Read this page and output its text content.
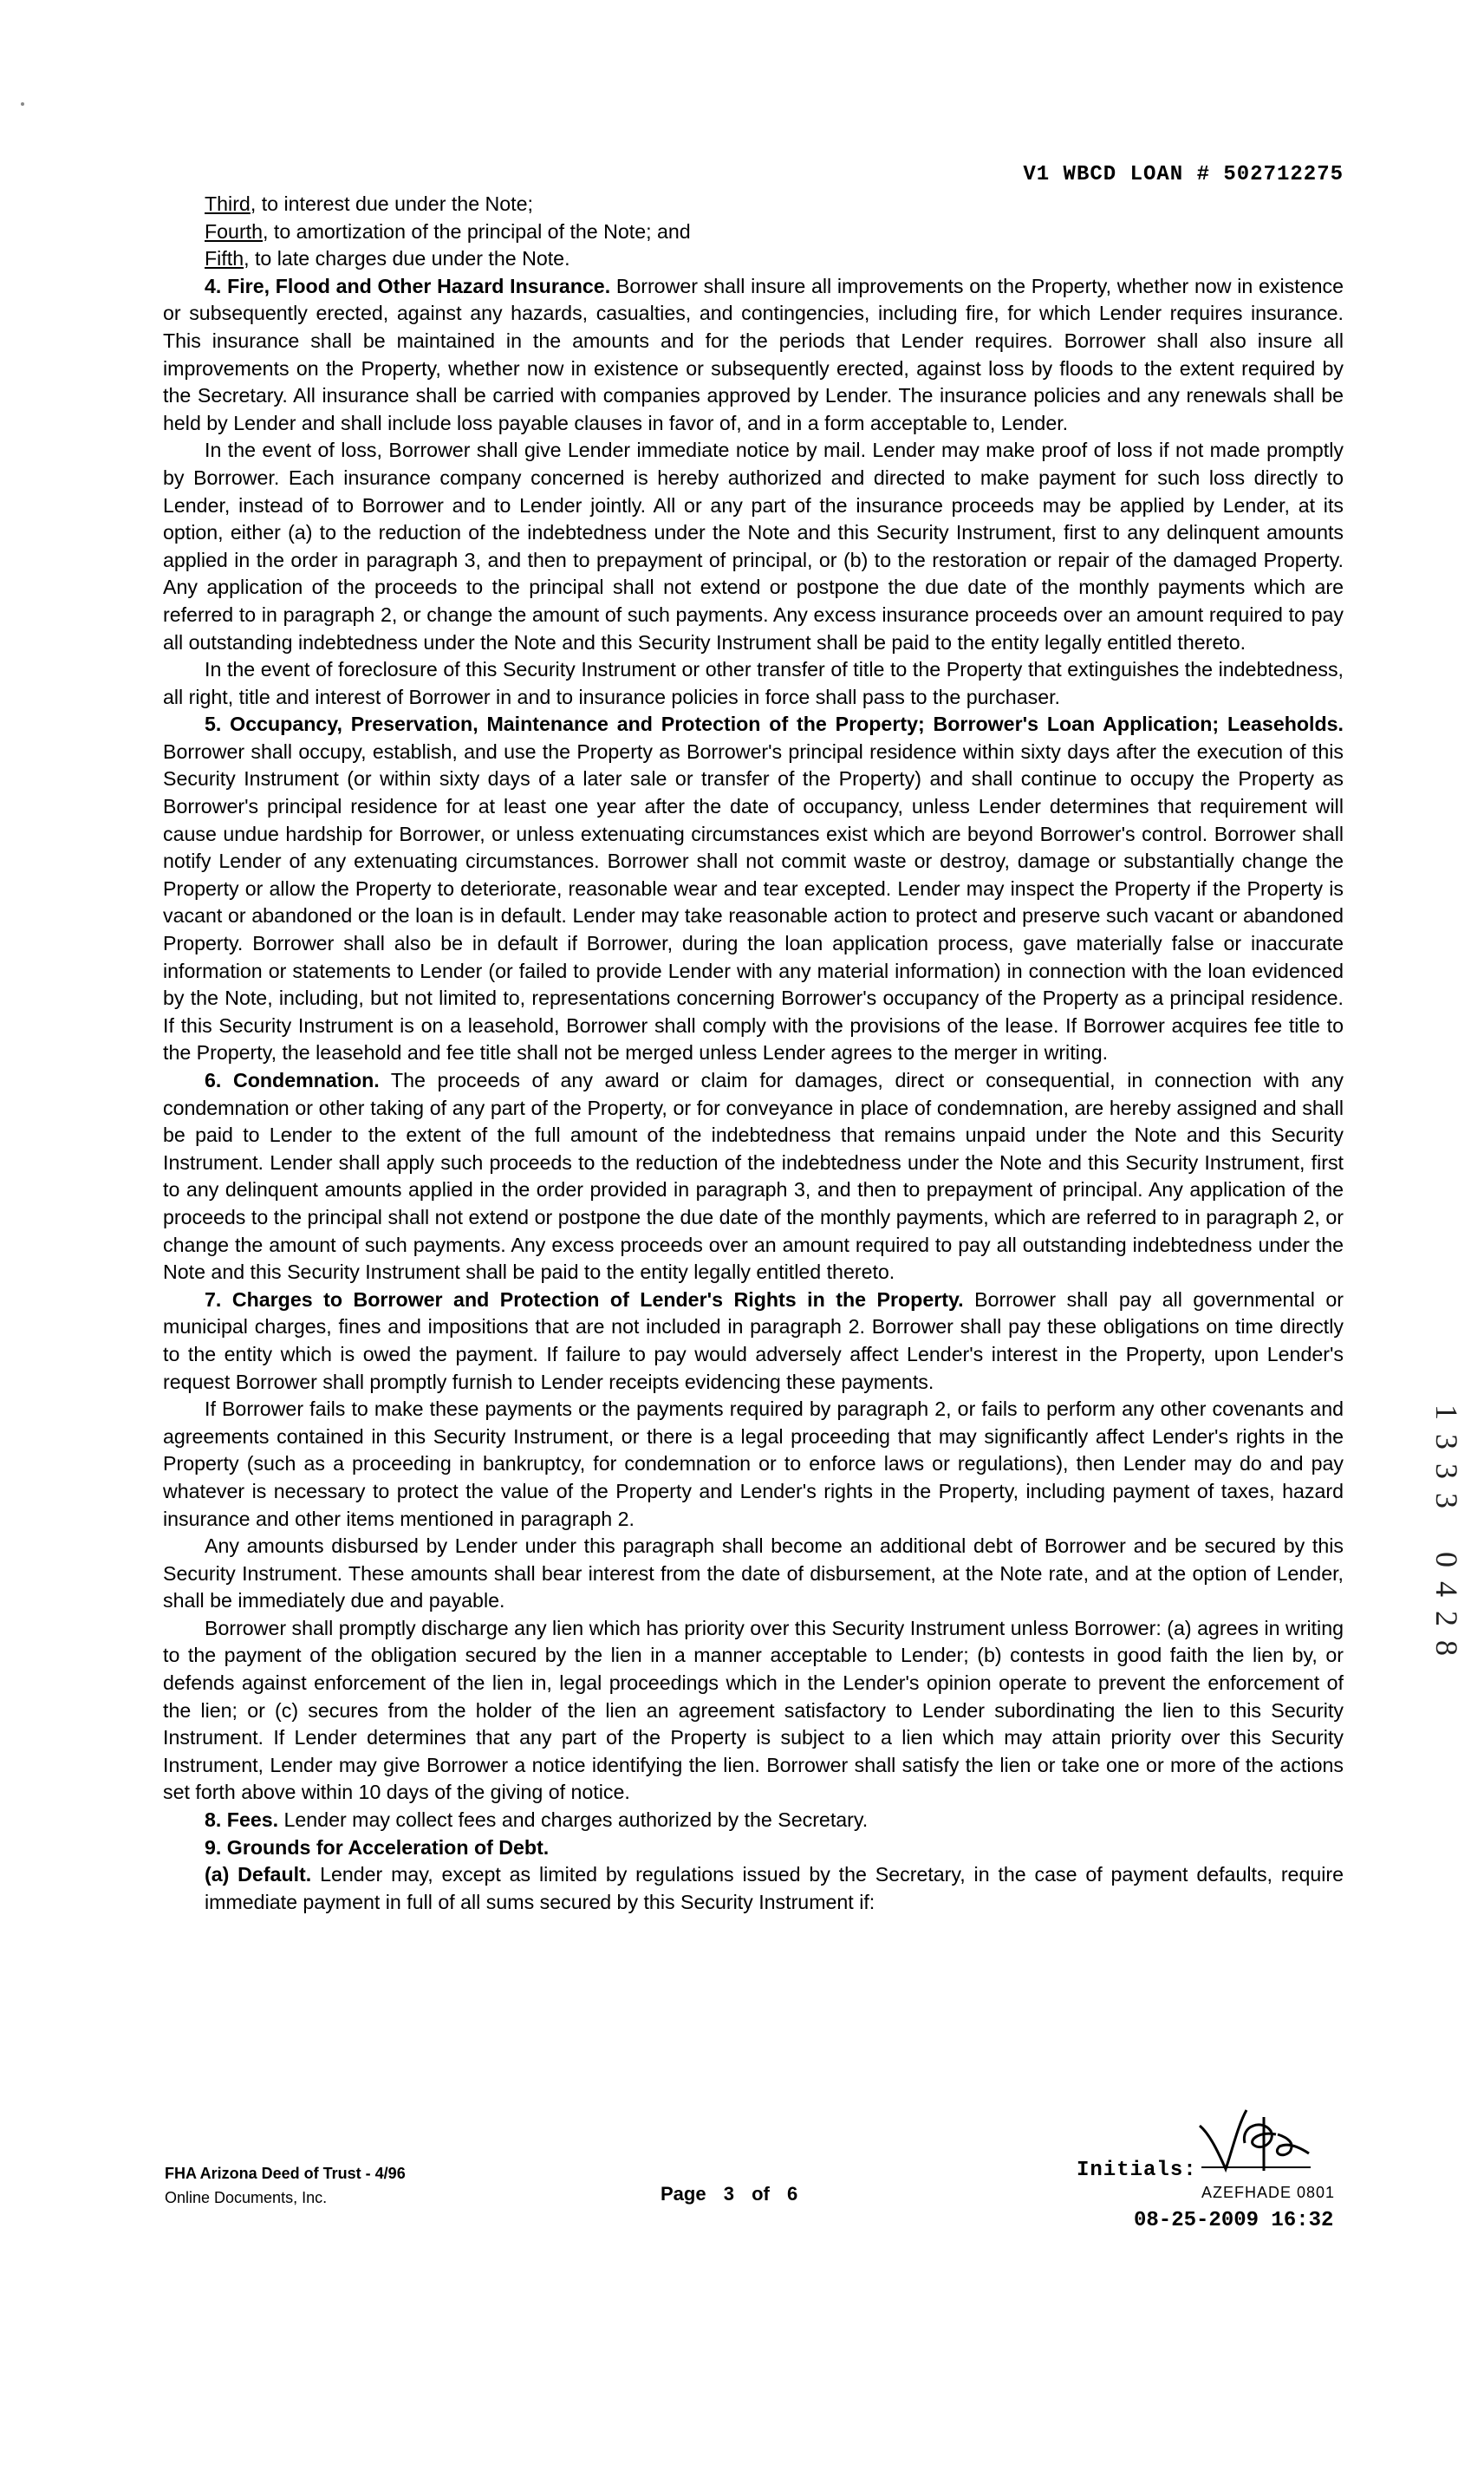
V1 WBCD LOAN # 502712275

Third, to interest due under the Note;

Fourth, to amortization of the principal of the Note; and

Fifth, to late charges due under the Note.

4. Fire, Flood and Other Hazard Insurance. Borrower shall insure all improvements on the Property, whether now in existence or subsequently erected, against any hazards, casualties, and contingencies, including fire, for which Lender requires insurance. This insurance shall be maintained in the amounts and for the periods that Lender requires. Borrower shall also insure all improvements on the Property, whether now in existence or subsequently erected, against loss by floods to the extent required by the Secretary. All insurance shall be carried with companies approved by Lender. The insurance policies and any renewals shall be held by Lender and shall include loss payable clauses in favor of, and in a form acceptable to, Lender.

In the event of loss, Borrower shall give Lender immediate notice by mail. Lender may make proof of loss if not made promptly by Borrower. Each insurance company concerned is hereby authorized and directed to make payment for such loss directly to Lender, instead of to Borrower and to Lender jointly. All or any part of the insurance proceeds may be applied by Lender, at its option, either (a) to the reduction of the indebtedness under the Note and this Security Instrument, first to any delinquent amounts applied in the order in paragraph 3, and then to prepayment of principal, or (b) to the restoration or repair of the damaged Property. Any application of the proceeds to the principal shall not extend or postpone the due date of the monthly payments which are referred to in paragraph 2, or change the amount of such payments. Any excess insurance proceeds over an amount required to pay all outstanding indebtedness under the Note and this Security Instrument shall be paid to the entity legally entitled thereto.

In the event of foreclosure of this Security Instrument or other transfer of title to the Property that extinguishes the indebtedness, all right, title and interest of Borrower in and to insurance policies in force shall pass to the purchaser.

5. Occupancy, Preservation, Maintenance and Protection of the Property; Borrower's Loan Application; Leaseholds. Borrower shall occupy, establish, and use the Property as Borrower's principal residence within sixty days after the execution of this Security Instrument (or within sixty days of a later sale or transfer of the Property) and shall continue to occupy the Property as Borrower's principal residence for at least one year after the date of occupancy, unless Lender determines that requirement will cause undue hardship for Borrower, or unless extenuating circumstances exist which are beyond Borrower's control. Borrower shall notify Lender of any extenuating circumstances. Borrower shall not commit waste or destroy, damage or substantially change the Property or allow the Property to deteriorate, reasonable wear and tear excepted. Lender may inspect the Property if the Property is vacant or abandoned or the loan is in default. Lender may take reasonable action to protect and preserve such vacant or abandoned Property. Borrower shall also be in default if Borrower, during the loan application process, gave materially false or inaccurate information or statements to Lender (or failed to provide Lender with any material information) in connection with the loan evidenced by the Note, including, but not limited to, representations concerning Borrower's occupancy of the Property as a principal residence. If this Security Instrument is on a leasehold, Borrower shall comply with the provisions of the lease. If Borrower acquires fee title to the Property, the leasehold and fee title shall not be merged unless Lender agrees to the merger in writing.

6. Condemnation. The proceeds of any award or claim for damages, direct or consequential, in connection with any condemnation or other taking of any part of the Property, or for conveyance in place of condemnation, are hereby assigned and shall be paid to Lender to the extent of the full amount of the indebtedness that remains unpaid under the Note and this Security Instrument. Lender shall apply such proceeds to the reduction of the indebtedness under the Note and this Security Instrument, first to any delinquent amounts applied in the order provided in paragraph 3, and then to prepayment of principal. Any application of the proceeds to the principal shall not extend or postpone the due date of the monthly payments, which are referred to in paragraph 2, or change the amount of such payments. Any excess proceeds over an amount required to pay all outstanding indebtedness under the Note and this Security Instrument shall be paid to the entity legally entitled thereto.

7. Charges to Borrower and Protection of Lender's Rights in the Property. Borrower shall pay all governmental or municipal charges, fines and impositions that are not included in paragraph 2. Borrower shall pay these obligations on time directly to the entity which is owed the payment. If failure to pay would adversely affect Lender's interest in the Property, upon Lender's request Borrower shall promptly furnish to Lender receipts evidencing these payments.

If Borrower fails to make these payments or the payments required by paragraph 2, or fails to perform any other covenants and agreements contained in this Security Instrument, or there is a legal proceeding that may significantly affect Lender's rights in the Property (such as a proceeding in bankruptcy, for condemnation or to enforce laws or regulations), then Lender may do and pay whatever is necessary to protect the value of the Property and Lender's rights in the Property, including payment of taxes, hazard insurance and other items mentioned in paragraph 2.

Any amounts disbursed by Lender under this paragraph shall become an additional debt of Borrower and be secured by this Security Instrument. These amounts shall bear interest from the date of disbursement, at the Note rate, and at the option of Lender, shall be immediately due and payable.

Borrower shall promptly discharge any lien which has priority over this Security Instrument unless Borrower: (a) agrees in writing to the payment of the obligation secured by the lien in a manner acceptable to Lender; (b) contests in good faith the lien by, or defends against enforcement of the lien in, legal proceedings which in the Lender's opinion operate to prevent the enforcement of the lien; or (c) secures from the holder of the lien an agreement satisfactory to Lender subordinating the lien to this Security Instrument. If Lender determines that any part of the Property is subject to a lien which may attain priority over this Security Instrument, Lender may give Borrower a notice identifying the lien. Borrower shall satisfy the lien or take one or more of the actions set forth above within 10 days of the giving of notice.

8. Fees. Lender may collect fees and charges authorized by the Secretary.

9. Grounds for Acceleration of Debt.

(a) Default. Lender may, except as limited by regulations issued by the Secretary, in the case of payment defaults, require immediate payment in full of all sums secured by this Security Instrument if:

FHA Arizona Deed of Trust - 4/96
Online Documents, Inc.	Page 3 of 6
Initials:
AZEFHADE 0801
08-25-2009 16:32
1
3
3
3
0
4
2
8
